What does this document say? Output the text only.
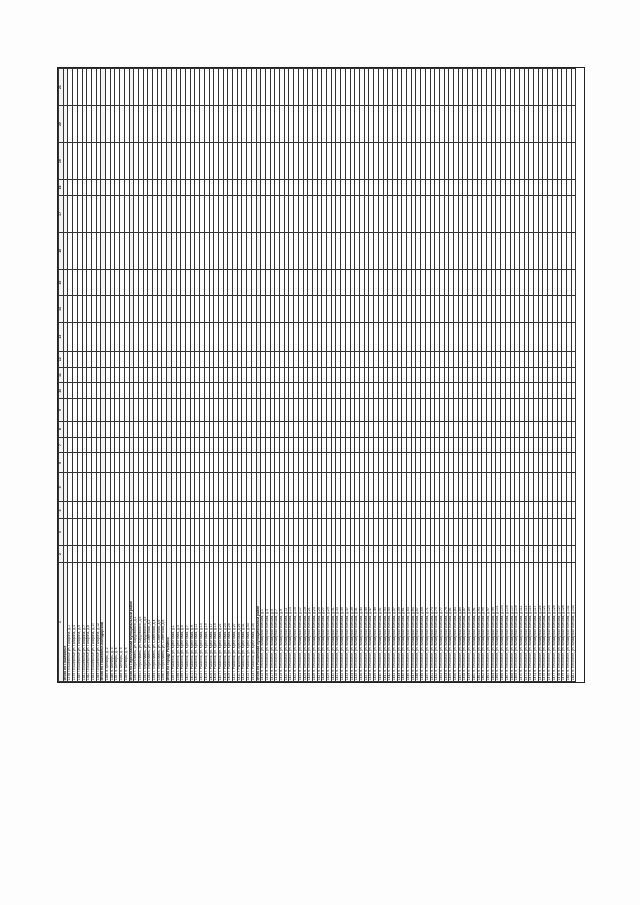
1	2	3	4	5	6	7	8	9	10	11	12	13	14	15	16	17	18	19	20	21
Итого по Пошехонье																				
1378 г.Пошехонье ул. Гагарина, д.1																				
1379 г.Пошехонье ул. Гагарина, д.3																				
1380 г.Пошехонье ул. Гагарина, д.5																				
1381 г.Пошехонье ул. Гагарина, д.7																				
1382 г.Пошехонье ул. Гагарина, д.8																				
1383 г.Пошехонье ул. Гагарина, д.10																				
1384 г.Пошехонье ул. Гагарина, д.12																				
Итого по Пошехонье-Володарский																				
1385 п. Октябрь, д. 2																				
1386 п. Октябрь, д. 3																				
1387 п. Октябрь, д. 4																				
1388 п. Октябрь, д. 5																				
1389 п. Октябрь, д. 6																				
Итого по Переславский муниципальный район																				
1390 г. Переславль, ул. Кардовского, д.1																				
1391 г. Переславль, ул. Кардовского, д.3																				
1392 г. Переславль, ул. Кардовского, д.5																				
1393 г. Переславль, ул. Советская, д.2																				
1394 г. Переславль, ул. Советская, д.4																				
1395 г. Переславль, ул. Советская, д.6																				
1396 г. Переславль, ул. Советская, д.8																				
Итого по городу Рыбинск																				
1397 г. Рыбинск, ул. Крестовая, д.1																				
1398 г. Рыбинск, ул. Крестовая, д.3																				
1399 г. Рыбинск, ул. Крестовая, д.5																				
1400 г. Рыбинск, ул. Крестовая, д.7																				
1401 г. Рыбинск, ул. Крестовая, д.9																				
1402 г. Рыбинск, ул. Крестовая, д.11																				
1403 г. Рыбинск, ул. Крестовая, д.13																				
1404 г. Рыбинск, ул. Крестовая, д.15																				
1405 г. Рыбинск, ул. Крестовая, д.17																				
1406 г. Рыбинск, ул. Крестовая, д.19																				
1407 г. Рыбинск, ул. Крестовая, д.21																				
1408 г. Рыбинск, ул. Крестовая, д.23																				
1409 г. Рыбинск, ул. Крестовая, д.25																				
1410 г. Рыбинск, ул. Крестовая, д.27																				
1411 г. Рыбинск, ул. Крестовая, д.29																				
1412 г. Рыбинск, ул. Крестовая, д.31																				
1413 г. Рыбинск, ул. Крестовая, д.33																				
1414 г. Рыбинск, ул. Крестовая, д.35																				
Итого по Рыбинский муниципальный район																				
1415 п. Песочное, ул. Коммунистическая, д.1																				
1416 п. Песочное, ул. Коммунистическая, д.3																				
1417 п. Песочное, ул. Коммунистическая, д.5																				
1418 п. Песочное, ул. Коммунистическая, д.7																				
1419 п. Песочное, ул. Коммунистическая, д.9																				
1420 п. Песочное, ул. Коммунистическая, д.11																				
1421 п. Песочное, ул. Коммунистическая, д.13																				
1422 п. Песочное, ул. Коммунистическая, д.15																				
1423 п. Песочное, ул. Коммунистическая, д.17																				
1424 п. Песочное, ул. Коммунистическая, д.19																				
1425 п. Песочное, ул. Коммунистическая, д.21																				
1426 п. Песочное, ул. Коммунистическая, д.23																				
1427 п. Песочное, ул. Коммунистическая, д.25																				
1428 п. Песочное, ул. Коммунистическая, д.27																				
1429 п. Песочное, ул. Коммунистическая, д.29																				
1430 п. Песочное, ул. Коммунистическая, д.31																				
1431 п. Песочное, ул. Коммунистическая, д.33																				
1432 п. Песочное, ул. Коммунистическая, д.35																				
1433 п. Песочное, ул. Коммунистическая, д.37																				
1434 п. Песочное, ул. Коммунистическая, д.39																				
1435 п. Песочное, ул. Коммунистическая, д.41																				
1436 п. Песочное, ул. Коммунистическая, д.43																				
1437 п. Песочное, ул. Коммунистическая, д.45																				
1438 п. Песочное, ул. Коммунистическая, д.47																				
1439 п. Песочное, ул. Коммунистическая, д.49																				
1440 п. Песочное, ул. Коммунистическая, д.51																				
1441 п. Песочное, ул. Коммунистическая, д.53																				
1442 п. Песочное, ул. Коммунистическая, д.55																				
1443 п. Песочное, ул. Коммунистическая, д.57																				
1444 п. Песочное, ул. Коммунистическая, д.59																				
1445 п. Песочное, ул. Коммунистическая, д.61																				
1446 п. Песочное, ул. Коммунистическая, д.63																				
1447 п. Песочное, ул. Коммунистическая, д.65																				
1448 п. Песочное, ул. Коммунистическая, д.67																				
1449 п. Песочное, ул. Коммунистическая, д.69																				
1450 п. Песочное, ул. Коммунистическая, д.71																				
1451 п. Песочное, ул. Коммунистическая, д.73																				
1452 п. Песочное, ул. Коммунистическая, д.75																				
1453 п. Песочное, ул. Коммунистическая, д.77																				
1454 п. Песочное, ул. Коммунистическая, д.79																				
1455 п. Песочное, ул. Коммунистическая, д.81																				
1456 п. Песочное, ул. Коммунистическая, д.83																				
1457 п. Песочное, ул. Коммунистическая, д.85																				
1458 п. Песочное, ул. Коммунистическая, д.87																				
1459 п. Песочное, ул. Коммунистическая, д.89																				
1460 п. Песочное, ул. Коммунистическая, д.91																				
1461 п. Песочное, ул. Коммунистическая, д.93																				
1462 п. Песочное, ул. Коммунистическая, д.95																				
1463 п. Песочное, ул. Коммунистическая, д.97																				
1464 п. Песочное, ул. Коммунистическая, д.99																				
1465 п. Песочное, ул. Коммунистическая, д.101																				
1466 п. Песочное, ул. Коммунистическая, д.103																				
1467 п. Песочное, ул. Коммунистическая, д.105																				
1468 п. Песочное, ул. Коммунистическая, д.107																				
1469 п. Песочное, ул. Коммунистическая, д.109																				
1470 п. Песочное, ул. Коммунистическая, д.111																				
1471 п. Песочное, ул. Коммунистическая, д.113																				
1472 п. Песочное, ул. Коммунистическая, д.115																				
1473 п. Песочное, ул. Коммунистическая, д.117																				
1474 п. Песочное, ул. Коммунистическая, д.119																				
1475 п. Песочное, ул. Коммунистическая, д.121																				
1476 п. Песочное, ул. Коммунистическая, д.123																				
1477 п. Песочное, ул. Коммунистическая, д.125																				
1478 п. Песочное, ул. Коммунистическая, д.127																				
1479 п. Песочное, ул. Коммунистическая, д.129																				
1480 п. Песочное, ул. Коммунистическая, д.131																				
1481 п. Песочное, ул. Коммунистическая, д.133																				
